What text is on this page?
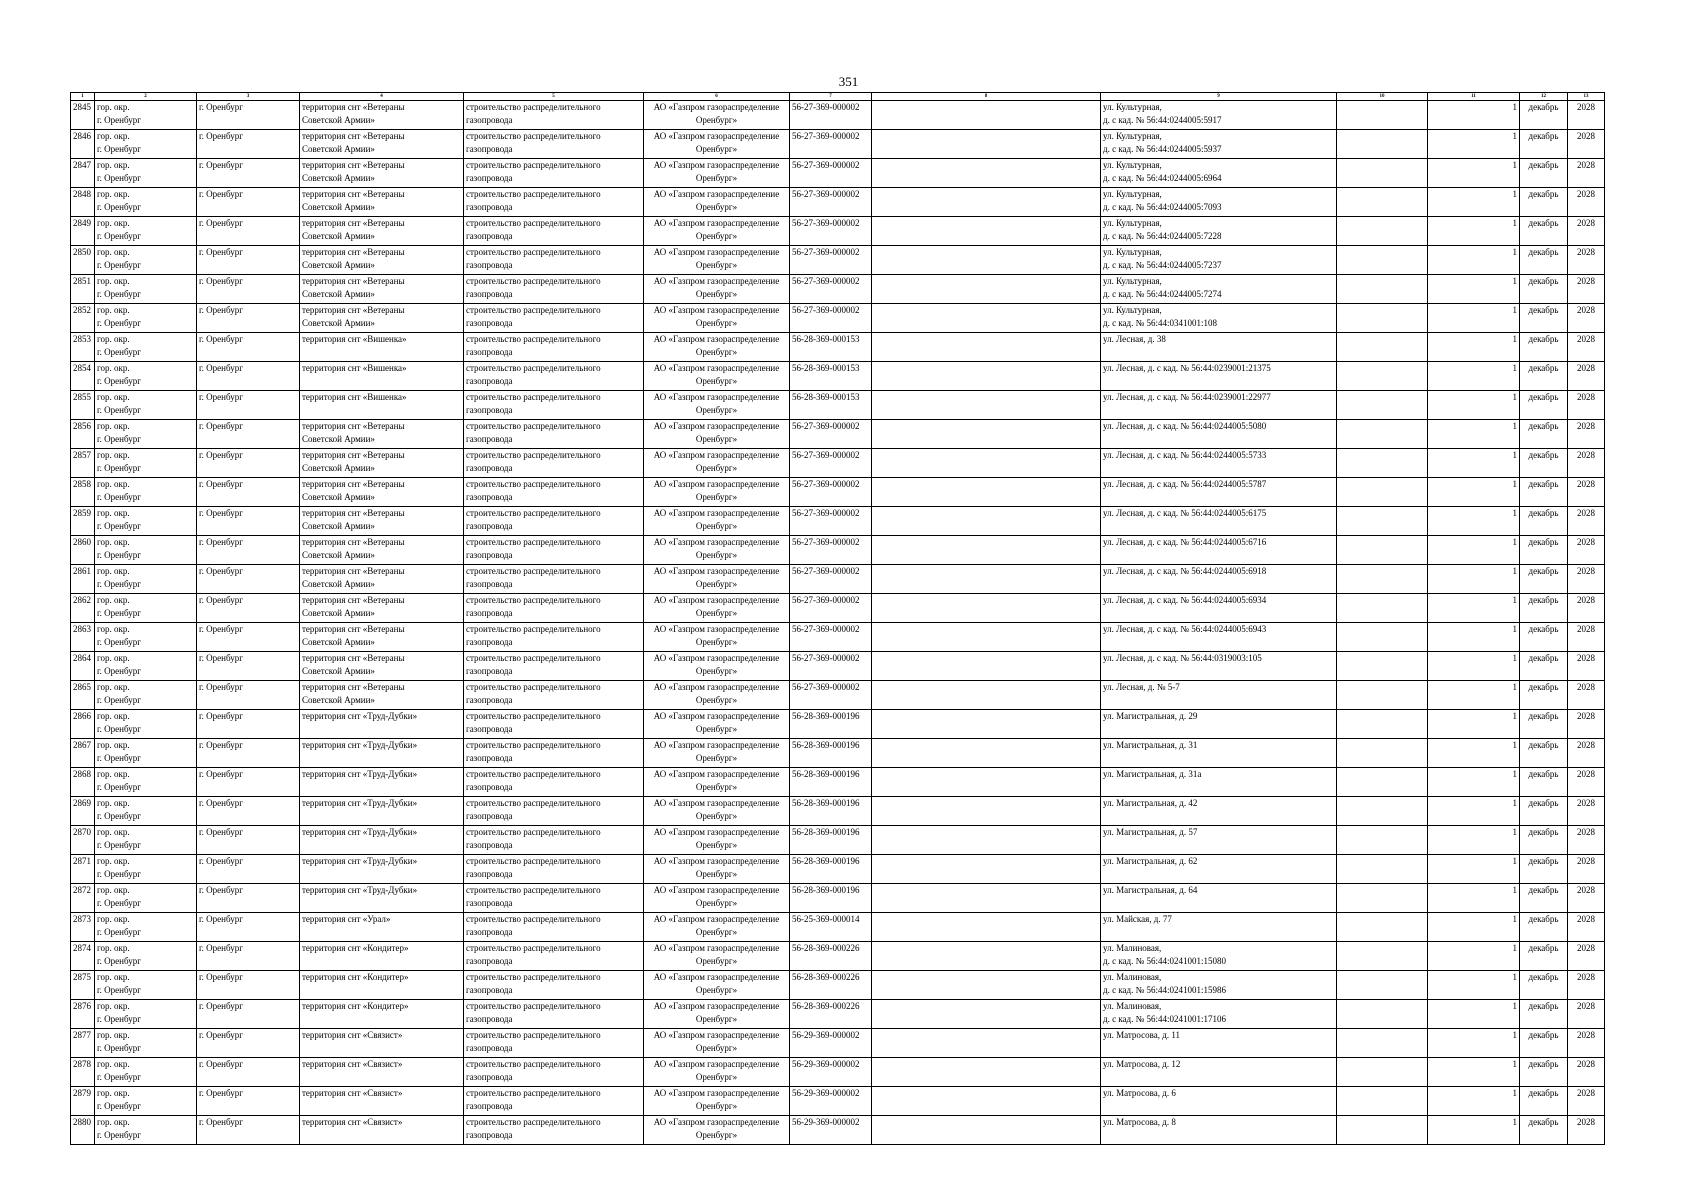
351
1	2	3	4	5	6	7	8	9	10	11	12	13
2845	гор. окр.
г. Оренбург	г. Оренбург	территория снт «Ветераны
Советской Армии»	строительство распределительного
газопровода	АО «Газпром газораспределение
Оренбург»	56-27-369-000002		ул. Культурная,
д. с кад. № 56:44:0244005:5917		1	декабрь	2028
2846	гор. окр.
г. Оренбург	г. Оренбург	территория снт «Ветераны
Советской Армии»	строительство распределительного
газопровода	АО «Газпром газораспределение
Оренбург»	56-27-369-000002		ул. Культурная,
д. с кад. № 56:44:0244005:5937		1	декабрь	2028
2847	гор. окр.
г. Оренбург	г. Оренбург	территория снт «Ветераны
Советской Армии»	строительство распределительного
газопровода	АО «Газпром газораспределение
Оренбург»	56-27-369-000002		ул. Культурная,
д. с кад. № 56:44:0244005:6964		1	декабрь	2028
2848	гор. окр.
г. Оренбург	г. Оренбург	территория снт «Ветераны
Советской Армии»	строительство распределительного
газопровода	АО «Газпром газораспределение
Оренбург»	56-27-369-000002		ул. Культурная,
д. с кад. № 56:44:0244005:7093		1	декабрь	2028
2849	гор. окр.
г. Оренбург	г. Оренбург	территория снт «Ветераны
Советской Армии»	строительство распределительного
газопровода	АО «Газпром газораспределение
Оренбург»	56-27-369-000002		ул. Культурная,
д. с кад. № 56:44:0244005:7228		1	декабрь	2028
2850	гор. окр.
г. Оренбург	г. Оренбург	территория снт «Ветераны
Советской Армии»	строительство распределительного
газопровода	АО «Газпром газораспределение
Оренбург»	56-27-369-000002		ул. Культурная,
д. с кад. № 56:44:0244005:7237		1	декабрь	2028
2851	гор. окр.
г. Оренбург	г. Оренбург	территория снт «Ветераны
Советской Армии»	строительство распределительного
газопровода	АО «Газпром газораспределение
Оренбург»	56-27-369-000002		ул. Культурная,
д. с кад. № 56:44:0244005:7274		1	декабрь	2028
2852	гор. окр.
г. Оренбург	г. Оренбург	территория снт «Ветераны
Советской Армии»	строительство распределительного
газопровода	АО «Газпром газораспределение
Оренбург»	56-27-369-000002		ул. Культурная,
д. с кад. № 56:44:0341001:108		1	декабрь	2028
2853	гор. окр.
г. Оренбург	г. Оренбург	территория снт «Вишенка»	строительство распределительного
газопровода	АО «Газпром газораспределение
Оренбург»	56-28-369-000153		ул. Лесная, д. 38		1	декабрь	2028
2854	гор. окр.
г. Оренбург	г. Оренбург	территория снт «Вишенка»	строительство распределительного
газопровода	АО «Газпром газораспределение
Оренбург»	56-28-369-000153		ул. Лесная, д. с кад. № 56:44:0239001:21375		1	декабрь	2028
2855	гор. окр.
г. Оренбург	г. Оренбург	территория снт «Вишенка»	строительство распределительного
газопровода	АО «Газпром газораспределение
Оренбург»	56-28-369-000153		ул. Лесная, д. с кад. № 56:44:0239001:22977		1	декабрь	2028
2856	гор. окр.
г. Оренбург	г. Оренбург	территория снт «Ветераны
Советской Армии»	строительство распределительного
газопровода	АО «Газпром газораспределение
Оренбург»	56-27-369-000002		ул. Лесная, д. с кад. № 56:44:0244005:5080		1	декабрь	2028
2857	гор. окр.
г. Оренбург	г. Оренбург	территория снт «Ветераны
Советской Армии»	строительство распределительного
газопровода	АО «Газпром газораспределение
Оренбург»	56-27-369-000002		ул. Лесная, д. с кад. № 56:44:0244005:5733		1	декабрь	2028
2858	гор. окр.
г. Оренбург	г. Оренбург	территория снт «Ветераны
Советской Армии»	строительство распределительного
газопровода	АО «Газпром газораспределение
Оренбург»	56-27-369-000002		ул. Лесная, д. с кад. № 56:44:0244005:5787		1	декабрь	2028
2859	гор. окр.
г. Оренбург	г. Оренбург	территория снт «Ветераны
Советской Армии»	строительство распределительного
газопровода	АО «Газпром газораспределение
Оренбург»	56-27-369-000002		ул. Лесная, д. с кад. № 56:44:0244005:6175		1	декабрь	2028
2860	гор. окр.
г. Оренбург	г. Оренбург	территория снт «Ветераны
Советской Армии»	строительство распределительного
газопровода	АО «Газпром газораспределение
Оренбург»	56-27-369-000002		ул. Лесная, д. с кад. № 56:44:0244005:6716		1	декабрь	2028
2861	гор. окр.
г. Оренбург	г. Оренбург	территория снт «Ветераны
Советской Армии»	строительство распределительного
газопровода	АО «Газпром газораспределение
Оренбург»	56-27-369-000002		ул. Лесная, д. с кад. № 56:44:0244005:6918		1	декабрь	2028
2862	гор. окр.
г. Оренбург	г. Оренбург	территория снт «Ветераны
Советской Армии»	строительство распределительного
газопровода	АО «Газпром газораспределение
Оренбург»	56-27-369-000002		ул. Лесная, д. с кад. № 56:44:0244005:6934		1	декабрь	2028
2863	гор. окр.
г. Оренбург	г. Оренбург	территория снт «Ветераны
Советской Армии»	строительство распределительного
газопровода	АО «Газпром газораспределение
Оренбург»	56-27-369-000002		ул. Лесная, д. с кад. № 56:44:0244005:6943		1	декабрь	2028
2864	гор. окр.
г. Оренбург	г. Оренбург	территория снт «Ветераны
Советской Армии»	строительство распределительного
газопровода	АО «Газпром газораспределение
Оренбург»	56-27-369-000002		ул. Лесная, д. с кад. № 56:44:0319003:105		1	декабрь	2028
2865	гор. окр.
г. Оренбург	г. Оренбург	территория снт «Ветераны
Советской Армии»	строительство распределительного
газопровода	АО «Газпром газораспределение
Оренбург»	56-27-369-000002		ул. Лесная, д. № 5-7		1	декабрь	2028
2866	гор. окр.
г. Оренбург	г. Оренбург	территория снт «Труд-Дубки»	строительство распределительного
газопровода	АО «Газпром газораспределение
Оренбург»	56-28-369-000196		ул. Магистральная, д. 29		1	декабрь	2028
2867	гор. окр.
г. Оренбург	г. Оренбург	территория снт «Труд-Дубки»	строительство распределительного
газопровода	АО «Газпром газораспределение
Оренбург»	56-28-369-000196		ул. Магистральная, д. 31		1	декабрь	2028
2868	гор. окр.
г. Оренбург	г. Оренбург	территория снт «Труд-Дубки»	строительство распределительного
газопровода	АО «Газпром газораспределение
Оренбург»	56-28-369-000196		ул. Магистральная, д. 31а		1	декабрь	2028
2869	гор. окр.
г. Оренбург	г. Оренбург	территория снт «Труд-Дубки»	строительство распределительного
газопровода	АО «Газпром газораспределение
Оренбург»	56-28-369-000196		ул. Магистральная, д. 42		1	декабрь	2028
2870	гор. окр.
г. Оренбург	г. Оренбург	территория снт «Труд-Дубки»	строительство распределительного
газопровода	АО «Газпром газораспределение
Оренбург»	56-28-369-000196		ул. Магистральная, д. 57		1	декабрь	2028
2871	гор. окр.
г. Оренбург	г. Оренбург	территория снт «Труд-Дубки»	строительство распределительного
газопровода	АО «Газпром газораспределение
Оренбург»	56-28-369-000196		ул. Магистральная, д. 62		1	декабрь	2028
2872	гор. окр.
г. Оренбург	г. Оренбург	территория снт «Труд-Дубки»	строительство распределительного
газопровода	АО «Газпром газораспределение
Оренбург»	56-28-369-000196		ул. Магистральная, д. 64		1	декабрь	2028
2873	гор. окр.
г. Оренбург	г. Оренбург	территория снт «Урал»	строительство распределительного
газопровода	АО «Газпром газораспределение
Оренбург»	56-25-369-000014		ул. Майская, д. 77		1	декабрь	2028
2874	гор. окр.
г. Оренбург	г. Оренбург	территория снт «Кондитер»	строительство распределительного
газопровода	АО «Газпром газораспределение
Оренбург»	56-28-369-000226		ул. Малиновая,
д. с кад. № 56:44:0241001:15080		1	декабрь	2028
2875	гор. окр.
г. Оренбург	г. Оренбург	территория снт «Кондитер»	строительство распределительного
газопровода	АО «Газпром газораспределение
Оренбург»	56-28-369-000226		ул. Малиновая,
д. с кад. № 56:44:0241001:15986		1	декабрь	2028
2876	гор. окр.
г. Оренбург	г. Оренбург	территория снт «Кондитер»	строительство распределительного
газопровода	АО «Газпром газораспределение
Оренбург»	56-28-369-000226		ул. Малиновая,
д. с кад. № 56:44:0241001:17106		1	декабрь	2028
2877	гор. окр.
г. Оренбург	г. Оренбург	территория снт «Связист»	строительство распределительного
газопровода	АО «Газпром газораспределение
Оренбург»	56-29-369-000002		ул. Матросова, д. 11		1	декабрь	2028
2878	гор. окр.
г. Оренбург	г. Оренбург	территория снт «Связист»	строительство распределительного
газопровода	АО «Газпром газораспределение
Оренбург»	56-29-369-000002		ул. Матросова, д. 12		1	декабрь	2028
2879	гор. окр.
г. Оренбург	г. Оренбург	территория снт «Связист»	строительство распределительного
газопровода	АО «Газпром газораспределение
Оренбург»	56-29-369-000002		ул. Матросова, д. 6		1	декабрь	2028
2880	гор. окр.
г. Оренбург	г. Оренбург	территория снт «Связист»	строительство распределительного
газопровода	АО «Газпром газораспределение
Оренбург»	56-29-369-000002		ул. Матросова, д. 8		1	декабрь	2028
